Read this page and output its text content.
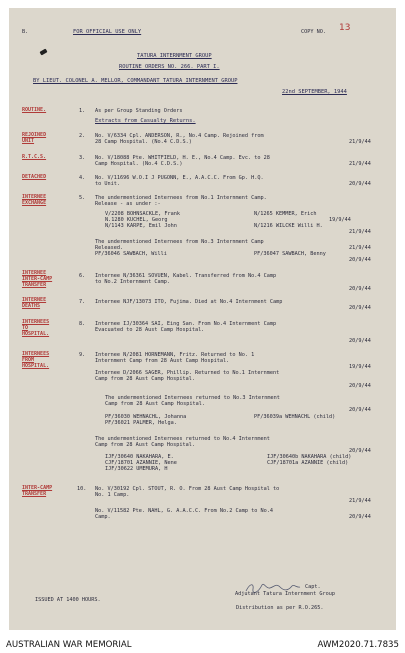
B.	FOR OFFICIAL USE ONLY	COPY NO. 13
TATURA INTERNMENT GROUP
ROUTINE ORDERS NO. 266. PART I.
BY LIEUT. COLONEL A. MELLOR, COMMANDANT TATURA INTERNMENT GROUP
22nd SEPTEMBER, 1944
ROUTINE.	1. As per Group Standing Orders
Extracts from Casualty Returns.
REJOINED
UNIT
2. No. V/6334 Cpl. ANDERSON, R., No.4 Camp. Rejoined from
28 Camp Hospital. (No.4 C.D.S.)	21/9/44
R.T.C.S.	3. No. V/18088 Pte. WHITFIELD, H. E., No.4 Camp. Evc. to 28
Camp Hospital. (No.4 C.D.S.)	21/9/44
DETACHED	4. No. V/11696 W.O.I J PUGONN, E., A.A.C.C. From Gp. H.Q.
to Unit.	20/9/44
INTERNEE
EXCHANGE
5. The undermentioned Internees from No.1 Internment Camp.
Release - as under :-
V/2208 BOHNSACKLE, Frank	N/1265 KEMMER, Erich
N.1280 KUCHEL, Georg	19/9/44
N/1143 KARPE, Emil John	N/1216 WILCKE Willi H.
21/9/44
The undermentioned Internees from No.3 Internment Camp
Released.	21/9/44
PF/36046 SAWBACH, Willi	PF/36047 SAWBACH, Benny
20/9/44
INTERNEE
INTER-CAMP
TRANSFER
6. Internee N/36361 SOVUEN, Kabel. Transferred from No.4 Camp
to No.2 Internment Camp.
20/9/44
INTERNEE
DEATHS
7. Internee NJF/13073 ITO, Fujima. Died at No.4 Internment Camp
20/9/44
INTERNEES
TO
HOSPITAL.
8. Internee IJ/30364 SAI, Eing San. From No.4 Internment Camp
Evacuated to 28 Aust Camp Hospital.
20/9/44
INTERNEES
FROM
HOSPITAL.
9. Internee N/2081 HORNEMANN, Fritz. Returned to No. 1
Internment Camp from 28 Aust Camp Hospital.
19/9/44
Internee D/2066 SAGER, Phillip. Returned to No.1 Internment
Camp from 28 Aust Camp Hospital.
20/9/44
The undermentioned Internees returned to No.3 Internment
Camp from 28 Aust Camp Hospital.
20/9/44
PF/36030 WEHNACHL, Johanna	PF/36039a WEHNACHL (child)
PF/36021 PALMER, Helga.
The undermentioned Internees returned to No.4 Internment
Camp from 28 Aust Camp Hospital.
20/9/44
IJF/30640 NAKAHARA, E.	IJF/30640b NAKAHARA (child)
CJF/18701 AZANNIE, Nene	CJF/18701a AZANNIE (child)
IJF/30622 UMEMURA, H
INTER-CAMP
TRANSFER
10. No. V/30192 Cpl. STOUT, R. O. From 28 Aust Camp Hospital to
No. 1 Camp.
21/9/44
No. V/11582 Pte. NAHL, G. A.A.C.C. From No.2 Camp to No.4
Camp.	20/9/44
Capt.
Adjutant Tatura Internment Group
Distribution as per R.O.265.
ISSUED AT 1400 HOURS.
AUSTRALIAN WAR MEMORIAL	AWM2020.71.7835
